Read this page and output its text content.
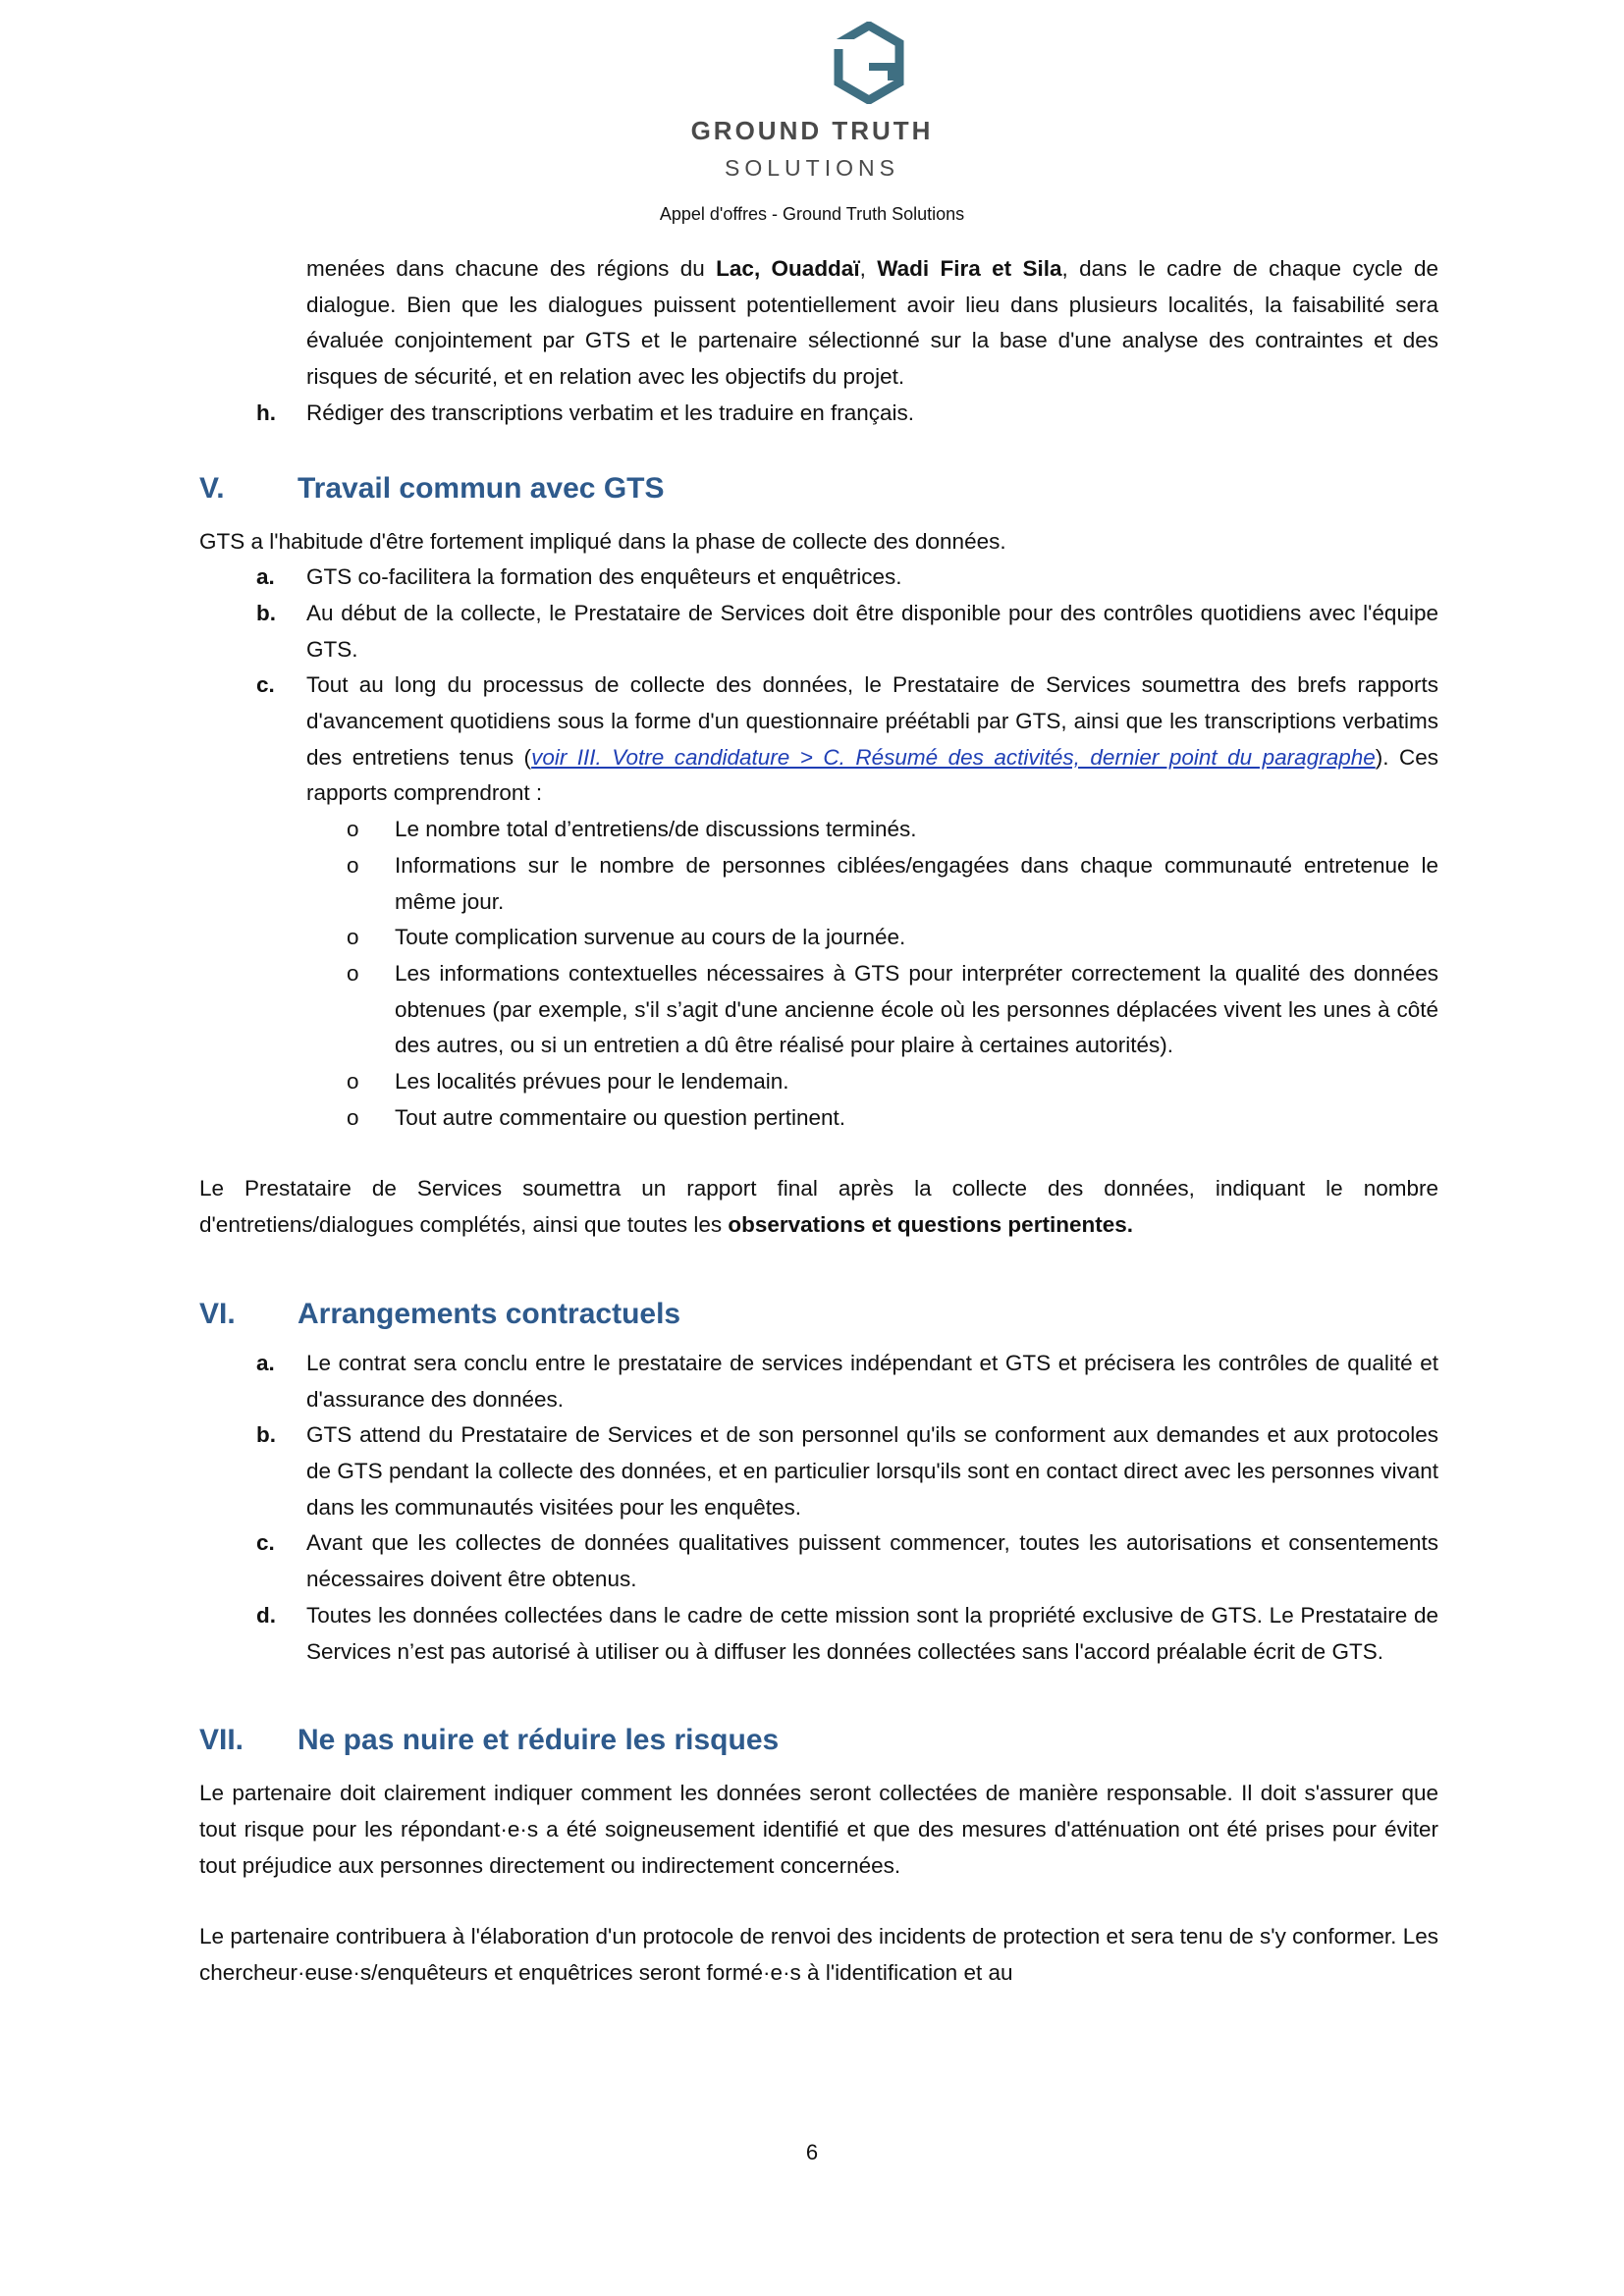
GROUND TRUTH
SOLUTIONS
Appel d'offres - Ground Truth Solutions
menées dans chacune des régions du Lac, Ouaddaï, Wadi Fira et Sila, dans le cadre de chaque cycle de dialogue. Bien que les dialogues puissent potentiellement avoir lieu dans plusieurs localités, la faisabilité sera évaluée conjointement par GTS et le partenaire sélectionné sur la base d'une analyse des contraintes et des risques de sécurité, et en relation avec les objectifs du projet.
h. Rédiger des transcriptions verbatim et les traduire en français.
V. Travail commun avec GTS

GTS a l'habitude d'être fortement impliqué dans la phase de collecte des données.

a. GTS co-facilitera la formation des enquêteurs et enquêtrices.
b. Au début de la collecte, le Prestataire de Services doit être disponible pour des contrôles quotidiens avec l'équipe GTS.
c. Tout au long du processus de collecte des données, le Prestataire de Services soumettra des brefs rapports d'avancement quotidiens sous la forme d'un questionnaire préétabli par GTS, ainsi que les transcriptions verbatims des entretiens tenus (voir III. Votre candidature > C. Résumé des activités, dernier point du paragraphe). Ces rapports comprendront :
o Le nombre total d’entretiens/de discussions terminés.
o Informations sur le nombre de personnes ciblées/engagées dans chaque communauté entretenue le même jour.
o Toute complication survenue au cours de la journée.
o Les informations contextuelles nécessaires à GTS pour interpréter correctement la qualité des données obtenues (par exemple, s'il s’agit d'une ancienne école où les personnes déplacées vivent les unes à côté des autres, ou si un entretien a dû être réalisé pour plaire à certaines autorités).
o Les localités prévues pour le lendemain.
o Tout autre commentaire ou question pertinent.

Le Prestataire de Services soumettra un rapport final après la collecte des données, indiquant le nombre d'entretiens/dialogues complétés, ainsi que toutes les observations et questions pertinentes.

VI. Arrangements contractuels
a. Le contrat sera conclu entre le prestataire de services indépendant et GTS et précisera les contrôles de qualité et d'assurance des données.
b. GTS attend du Prestataire de Services et de son personnel qu'ils se conforment aux demandes et aux protocoles de GTS pendant la collecte des données, et en particulier lorsqu'ils sont en contact direct avec les personnes vivant dans les communautés visitées pour les enquêtes.
c. Avant que les collectes de données qualitatives puissent commencer, toutes les autorisations et consentements nécessaires doivent être obtenus.
d. Toutes les données collectées dans le cadre de cette mission sont la propriété exclusive de GTS. Le Prestataire de Services n’est pas autorisé à utiliser ou à diffuser les données collectées sans l'accord préalable écrit de GTS.
VII. Ne pas nuire et réduire les risques

Le partenaire doit clairement indiquer comment les données seront collectées de manière responsable. Il doit s'assurer que tout risque pour les répondant·e·s a été soigneusement identifié et que des mesures d'atténuation ont été prises pour éviter tout préjudice aux personnes directement ou indirectement concernées.

Le partenaire contribuera à l'élaboration d'un protocole de renvoi des incidents de protection et sera tenu de s'y conformer. Les chercheur·euse·s/enquêteurs et enquêtrices seront formé·e·s à l'identification et au

6
